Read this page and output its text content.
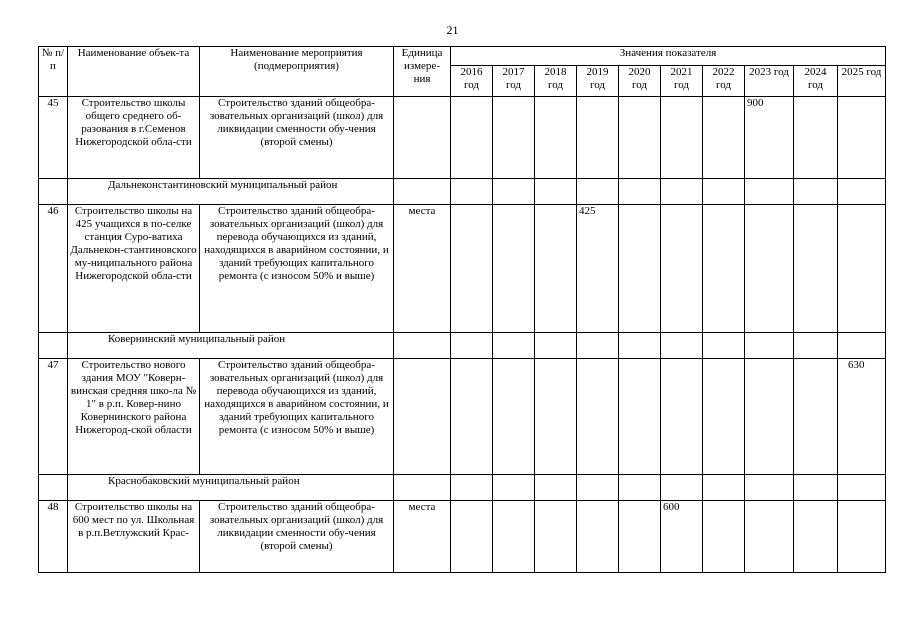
21
№ п/п	Наименование объек-та	Наименование мероприятия (подмероприятия)	Единица измере-ния	Значения показателя									
				2016 год	2017 год	2018 год	2019 год	2020 год	2021 год	2022 год	2023 год	2024 год	2025 год
45	Строительство школы общего среднего об-разования в г.Семенов Нижегородской обла-сти	Строительство зданий общеобра-зовательных организаций (школ) для ликвидации сменности обу-чения (второй смены)									900		
	Дальнеконстантиновский муниципальный район												
46	Строительство школы на 425 учащихся в по-селке станция Суро-ватиха Дальнекон-стантиновского му-ниципального района Нижегородской обла-сти	Строительство зданий общеобра-зовательных организаций (школ) для перевода обучающихся из зданий, находящихся в аварийном состоянии, и зданий требующих капитального ремонта (с износом 50% и выше)	места				425						
	Ковернинский муниципальный район												
47	Строительство нового здания МОУ "Коверн-винская средняя шко-ла № 1" в р.п. Ковер-нино Ковернинского района Нижегород-ской области	Строительство зданий общеобра-зовательных организаций (школ) для перевода обучающихся из зданий, находящихся в аварийном состоянии, и зданий требующих капитального ремонта (с износом 50% и выше)											630
	Краснобаковский муниципальный район												
48	Строительство школы на 600 мест по ул. Школьная в р.п.Ветлужский Крас-	Строительство зданий общеобра-зовательных организаций (школ) для ликвидации сменности обу-чения (второй смены)	места						600				
